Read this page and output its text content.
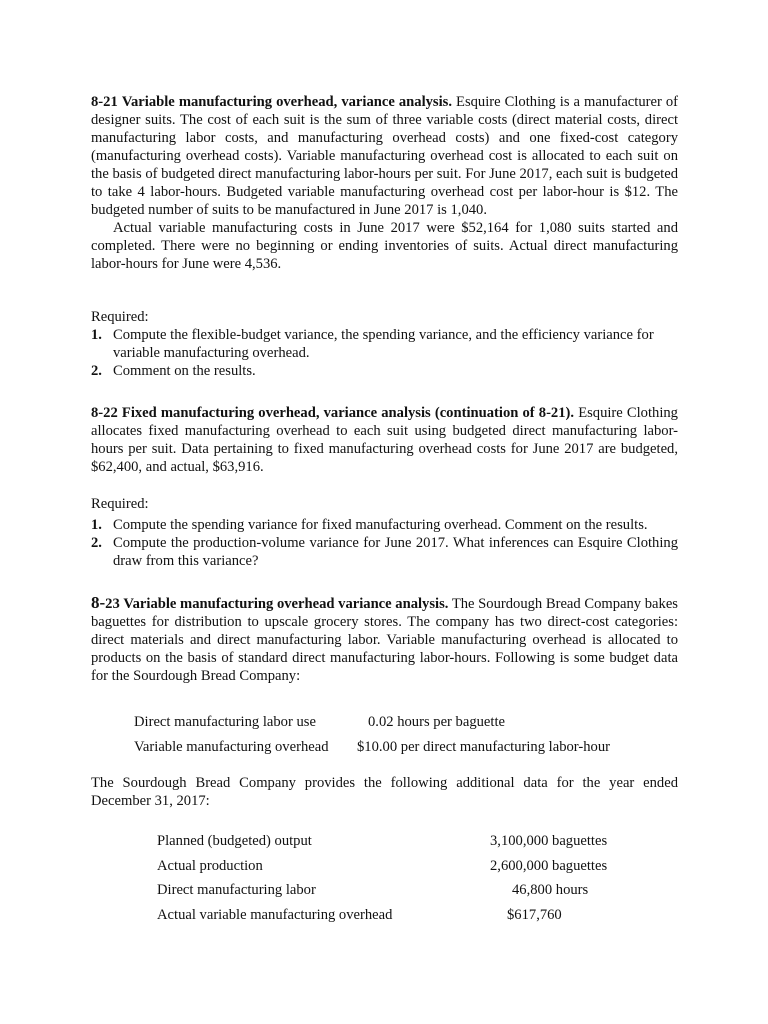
8-21 Variable manufacturing overhead, variance analysis. Esquire Clothing is a manufacturer of designer suits. The cost of each suit is the sum of three variable costs (direct material costs, direct manufacturing labor costs, and manufacturing overhead costs) and one fixed-cost category (manufacturing overhead costs). Variable manufacturing overhead cost is allocated to each suit on the basis of budgeted direct manufacturing labor-hours per suit. For June 2017, each suit is budgeted to take 4 labor-hours. Budgeted variable manufacturing overhead cost per labor-hour is $12. The budgeted number of suits to be manufactured in June 2017 is 1,040.

Actual variable manufacturing costs in June 2017 were $52,164 for 1,080 suits started and completed. There were no beginning or ending inventories of suits. Actual direct manufacturing labor-hours for June were 4,536.

Required:

1. Compute the flexible-budget variance, the spending variance, and the efficiency variance for variable manufacturing overhead.
2. Comment on the results.

8-22 Fixed manufacturing overhead, variance analysis (continuation of 8-21). Esquire Clothing allocates fixed manufacturing overhead to each suit using budgeted direct manufacturing labor-hours per suit. Data pertaining to fixed manufacturing overhead costs for June 2017 are budgeted, $62,400, and actual, $63,916.

Required:

1. Compute the spending variance for fixed manufacturing overhead. Comment on the results.
2. Compute the production-volume variance for June 2017. What inferences can Esquire Clothing draw from this variance?

8-23 Variable manufacturing overhead variance analysis. The Sourdough Bread Company bakes baguettes for distribution to upscale grocery stores. The company has two direct-cost categories: direct materials and direct manufacturing labor. Variable manufacturing overhead is allocated to products on the basis of standard direct manufacturing labor-hours. Following is some budget data for the Sourdough Bread Company:

Direct manufacturing labor use	0.02 hours per baguette
Variable manufacturing overhead $10.00 per direct manufacturing labor-hour

The Sourdough Bread Company provides the following additional data for the year ended December 31, 2017:

Planned (budgeted) output	3,100,000 baguettes
Actual production	2,600,000 baguettes
Direct manufacturing labor	46,800 hours
Actual variable manufacturing overhead	$617,760
